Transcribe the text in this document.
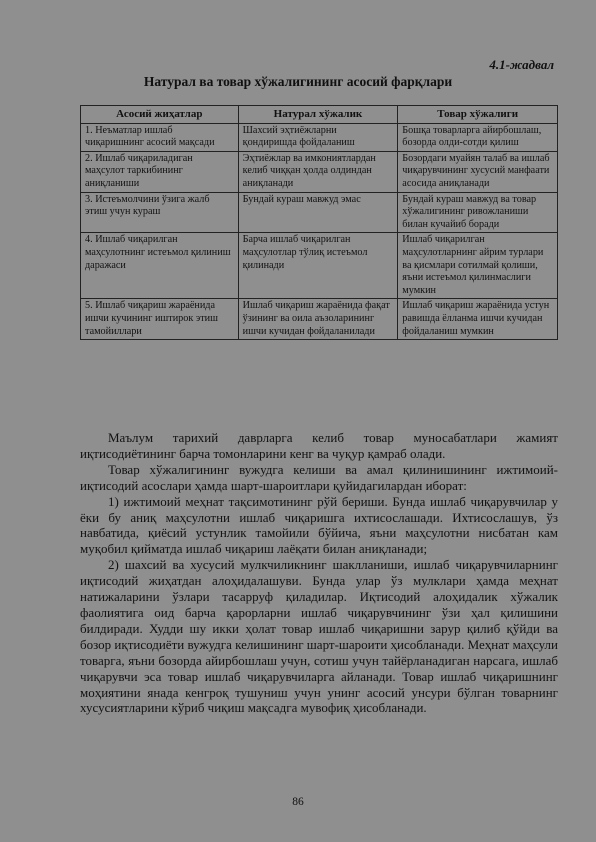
4.1-жадвал
Натурал ва товар хўжалигининг асосий фарқлари
Асосий жиҳатлар	Натурал хўжалик	Товар хўжалиги
1. Неъматлар ишлаб чиқаришнинг асосий мақсади	Шахсий эҳтиёжларни қондиришда фойдаланиш	Бошқа товарларга айирбошлаш, бозорда олди-сотди қилиш
2. Ишлаб чиқариладиган маҳсулот таркибининг аниқланиши	Эҳтиёжлар ва имкониятлардан келиб чиққан ҳолда олдиндан аниқланади	Бозордаги муайян талаб ва ишлаб чиқарувчининг хусусий манфаати асосида аниқланади
3. Истеъмолчини ўзига жалб этиш учун кураш	Бундай кураш мавжуд эмас	Бундай кураш мавжуд ва товар хўжалигининг ривожланиши билан кучайиб боради
4. Ишлаб чиқарилган маҳсулотнинг истеъмол қилиниш даражаси	Барча ишлаб чиқарилган маҳсулотлар тўлиқ истеъмол қилинади	Ишлаб чиқарилган маҳсулотларнинг айрим турлари ва қисмлари сотилмай қолиши, яъни истеъмол қилинмаслиги мумкин
5. Ишлаб чиқариш жараёнида ишчи кучининг иштирок этиш тамойиллари	Ишлаб чиқариш жараёнида фақат ўзининг ва оила аъзоларининг ишчи кучидан фойдаланилади	Ишлаб чиқариш жараёнида устун равишда ёлланма ишчи кучидан фойдаланиш мумкин

Маълум тарихий даврларга келиб товар муносабатлари жамият иқтисодиётининг барча томонларини кенг ва чуқур қамраб олади.

Товар хўжалигининг вужудга келиши ва амал қилинишининг ижтимоий-иқтисодий асослари ҳамда шарт-шароитлари қуйидагилардан иборат:

1) ижтимоий меҳнат тақсимотининг рўй бериши. Бунда ишлаб чиқарувчилар у ёки бу аниқ маҳсулотни ишлаб чиқаришга ихтисослашади. Ихтисослашув, ўз навбатида, қиёсий устунлик тамойили бўйича, яъни маҳсулотни нисбатан кам муқобил қийматда ишлаб чиқариш лаёқати билан аниқланади;

2) шахсий ва хусусий мулкчиликнинг шаклланиши, ишлаб чиқарувчиларнинг иқтисодий жиҳатдан алоҳидалашуви. Бунда улар ўз мулклари ҳамда меҳнат натижаларини ўзлари тасарруф қиладилар. Иқтисодий алоҳидалик хўжалик фаолиятига оид барча қарорларни ишлаб чиқарувчининг ўзи ҳал қилишини билдиради. Худди шу икки ҳолат товар ишлаб чиқаришни зарур қилиб қўйди ва бозор иқтисодиёти вужудга келишининг шарт-шароити ҳисобланади. Меҳнат маҳсули товарга, яъни бозорда айирбошлаш учун, сотиш учун тайёрланадиган нарсага, ишлаб чиқарувчи эса товар ишлаб чиқарувчиларга айланади. Товар ишлаб чиқаришнинг моҳиятини янада кенгроқ тушуниш учун унинг асосий унсури бўлган товарнинг хусусиятларини кўриб чиқиш мақсадга мувофиқ ҳисобланади.

86
